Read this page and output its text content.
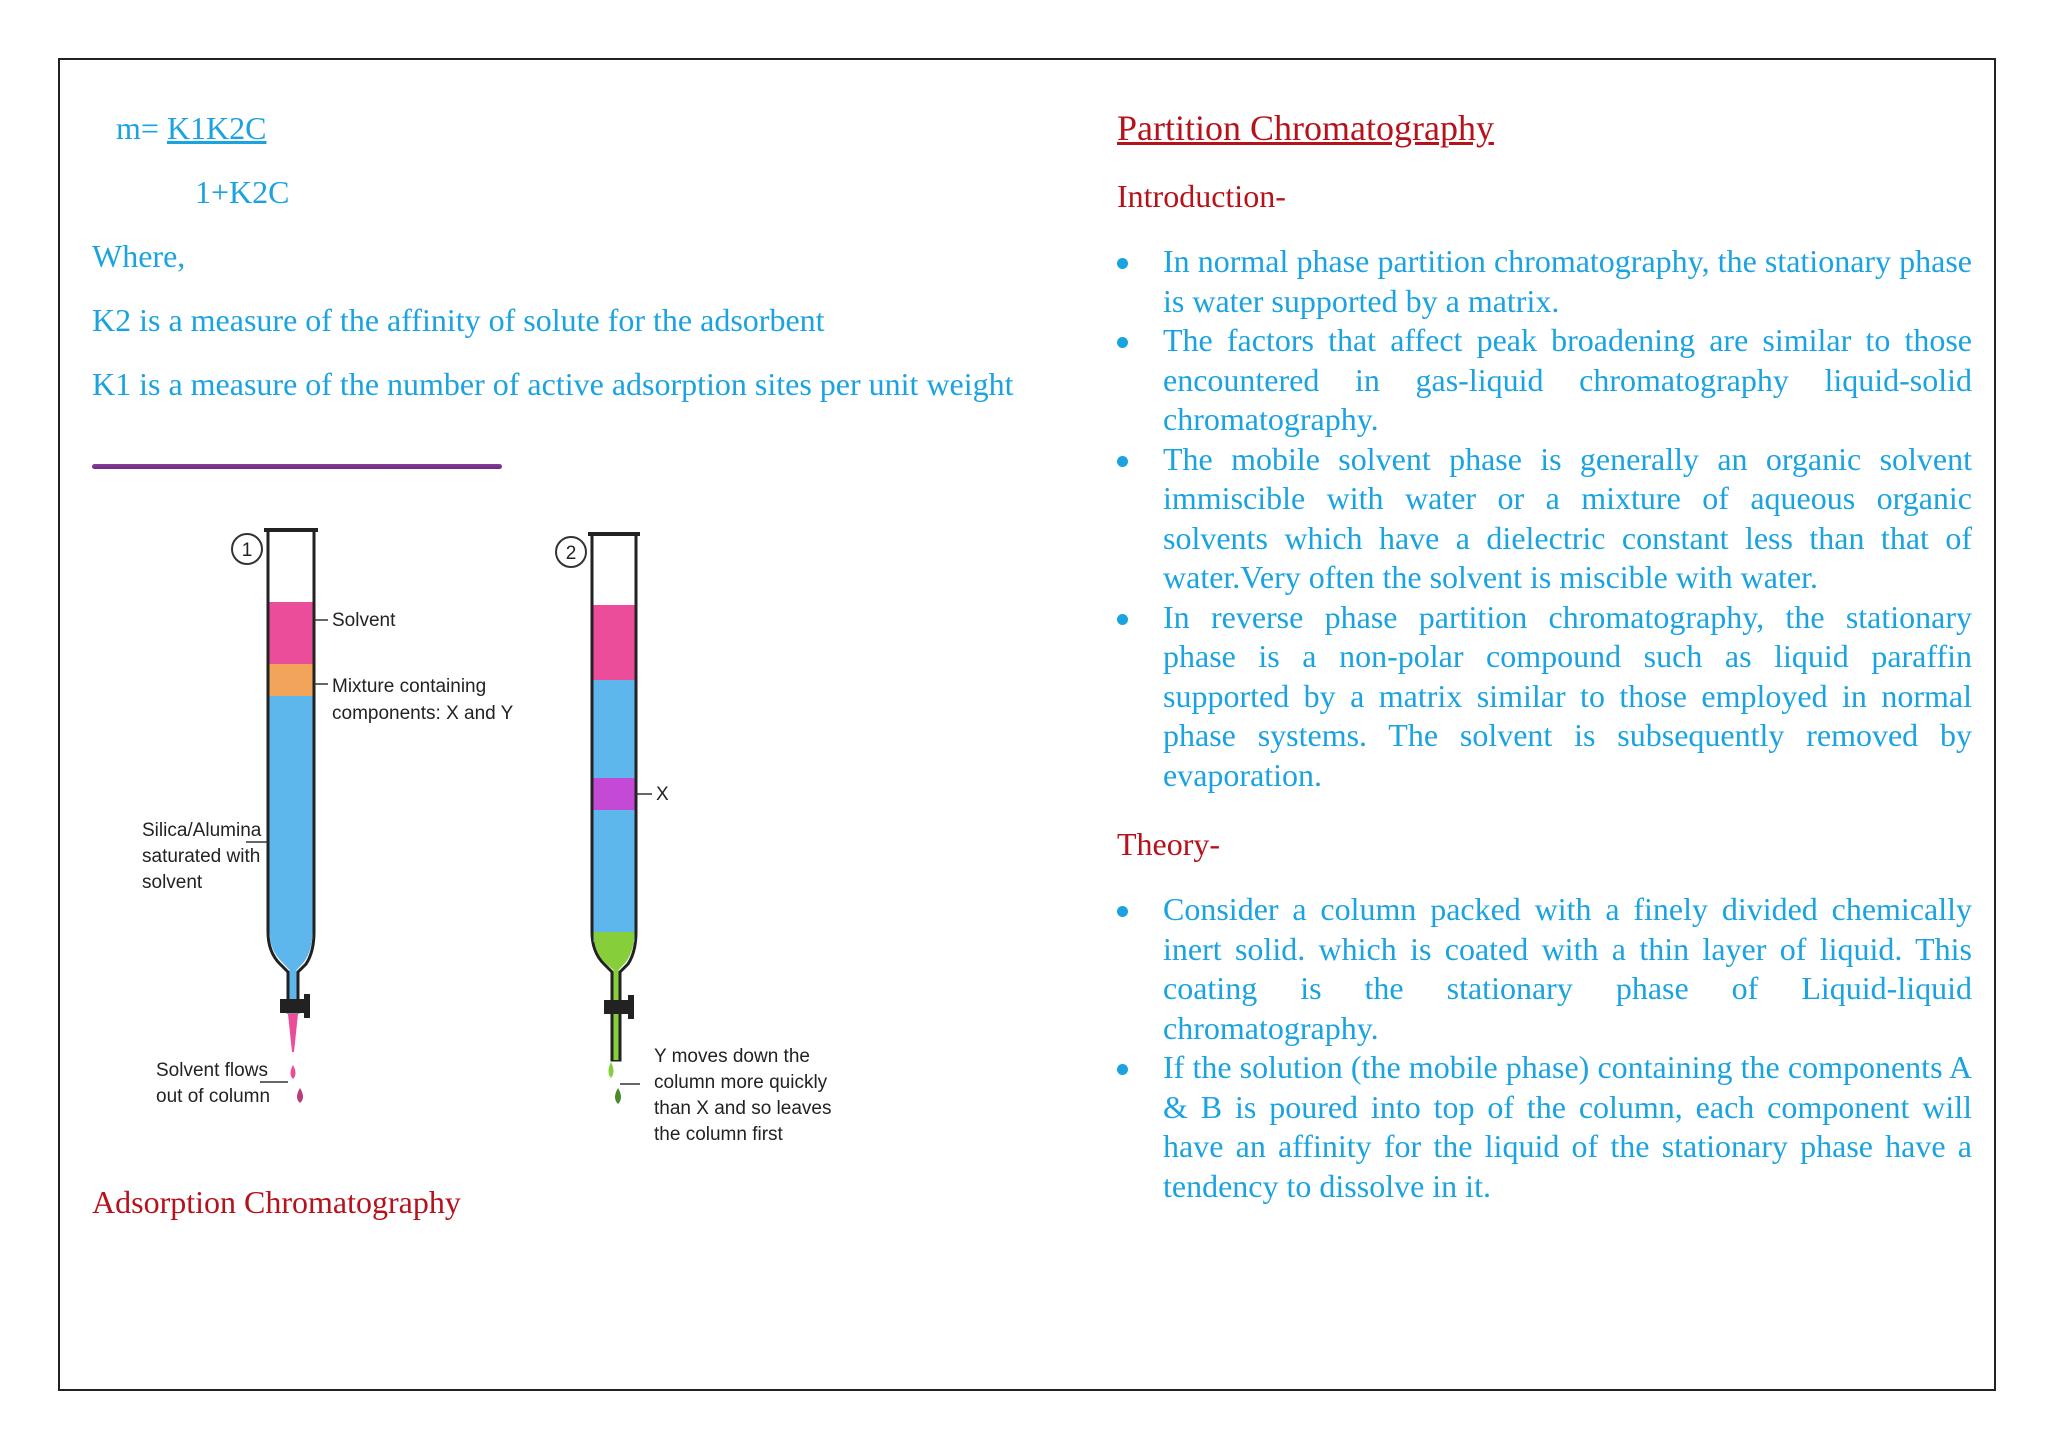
m= K1K2C

1+K2C

Where,

K2 is a measure of the affinity of solute for the adsorbent

K1 is a measure of the number of active adsorption sites per unit weight

1
Solvent
Mixture containing
components: X and Y
Silica/Alumina
saturated with
solvent
Solvent flows
out of column
2
X
Y moves down the
column more quickly
than X and so leaves
the column first

Adsorption Chromatography

Partition Chromatography

Introduction-

In normal phase partition chromatography, the stationary phase is water supported by a matrix.
The factors that affect peak broadening are similar to those encountered in gas-liquid chromatography liquid-solid chromatography.
The mobile solvent phase is generally an organic solvent immiscible with water or a mixture of aqueous organic solvents which have a dielectric constant less than that of water.Very often the solvent is miscible with water.
In reverse phase partition chromatography, the stationary phase is a non-polar compound such as liquid paraffin supported by a matrix similar to those employed in normal phase systems. The solvent is subsequently removed by evaporation.

Theory-

Consider a column packed with a finely divided chemically inert solid. which is coated with a thin layer of liquid. This coating is the stationary phase of Liquid-liquid chromatography.
If the solution (the mobile phase) containing the components A & B is poured into top of the column, each component will have an affinity for the liquid of the stationary phase have a tendency to dissolve in it.
